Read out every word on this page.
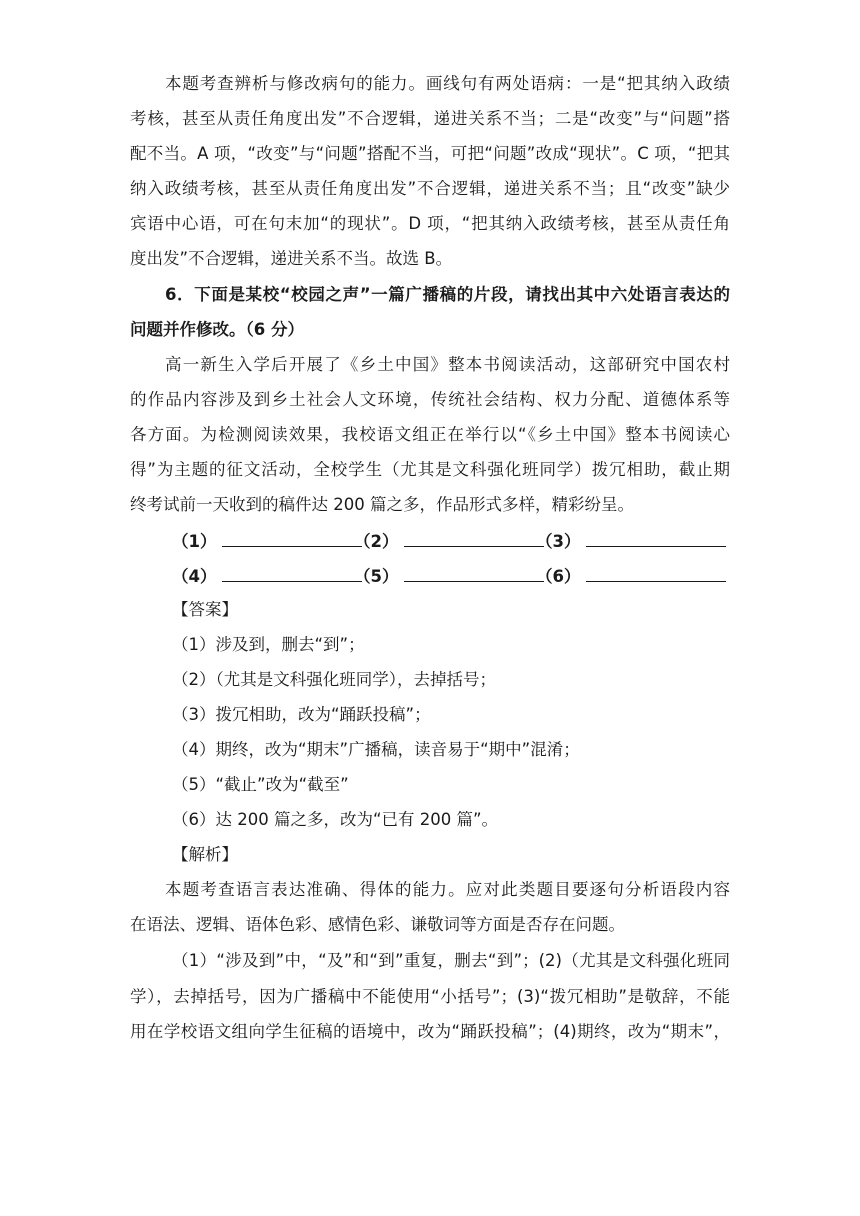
本题考查辨析与修改病句的能力。画线句有两处语病：一是“把其纳入政绩
考核，甚至从责任角度出发”不合逻辑，递进关系不当；二是“改变”与“问题”搭
配不当。A 项，“改变”与“问题”搭配不当，可把“问题”改成“现状”。C 项，“把其
纳入政绩考核，甚至从责任角度出发”不合逻辑，递进关系不当；且“改变”缺少
宾语中心语，可在句末加“的现状”。D 项，“把其纳入政绩考核，甚至从责任角
度出发”不合逻辑，递进关系不当。故选 B。
6．下面是某校“校园之声”一篇广播稿的片段，请找出其中六处语言表达的
问题并作修改。（6 分）
高一新生入学后开展了《乡土中国》整本书阅读活动，这部研究中国农村
的作品内容涉及到乡土社会人文环境，传统社会结构、权力分配、道德体系等
各方面。为检测阅读效果，我校语文组正在举行以“《乡土中国》整本书阅读心
得”为主题的征文活动，全校学生（尤其是文科强化班同学）拨冗相助，截止期
终考试前一天收到的稿件达 200 篇之多，作品形式多样，精彩纷呈。
（1）	（2）	（3）
（4）	（5）	（6）
【答案】
（1）涉及到，删去“到”；
（2）（尤其是文科强化班同学），去掉括号；
（3）拨冗相助，改为“踊跃投稿”；
（4）期终，改为“期末”广播稿，读音易于“期中”混淆；
（5）“截止”改为“截至”
（6）达 200 篇之多，改为“已有 200 篇”。
【解析】
本题考查语言表达准确、得体的能力。应对此类题目要逐句分析语段内容
在语法、逻辑、语体色彩、感情色彩、谦敬词等方面是否存在问题。
（1）“涉及到”中，“及”和“到”重复，删去“到”；(2)（尤其是文科强化班同
学），去掉括号，因为广播稿中不能使用“小括号”；(3)“拨冗相助”是敬辞，不能
用在学校语文组向学生征稿的语境中，改为“踊跃投稿”；(4)期终，改为“期末”，
